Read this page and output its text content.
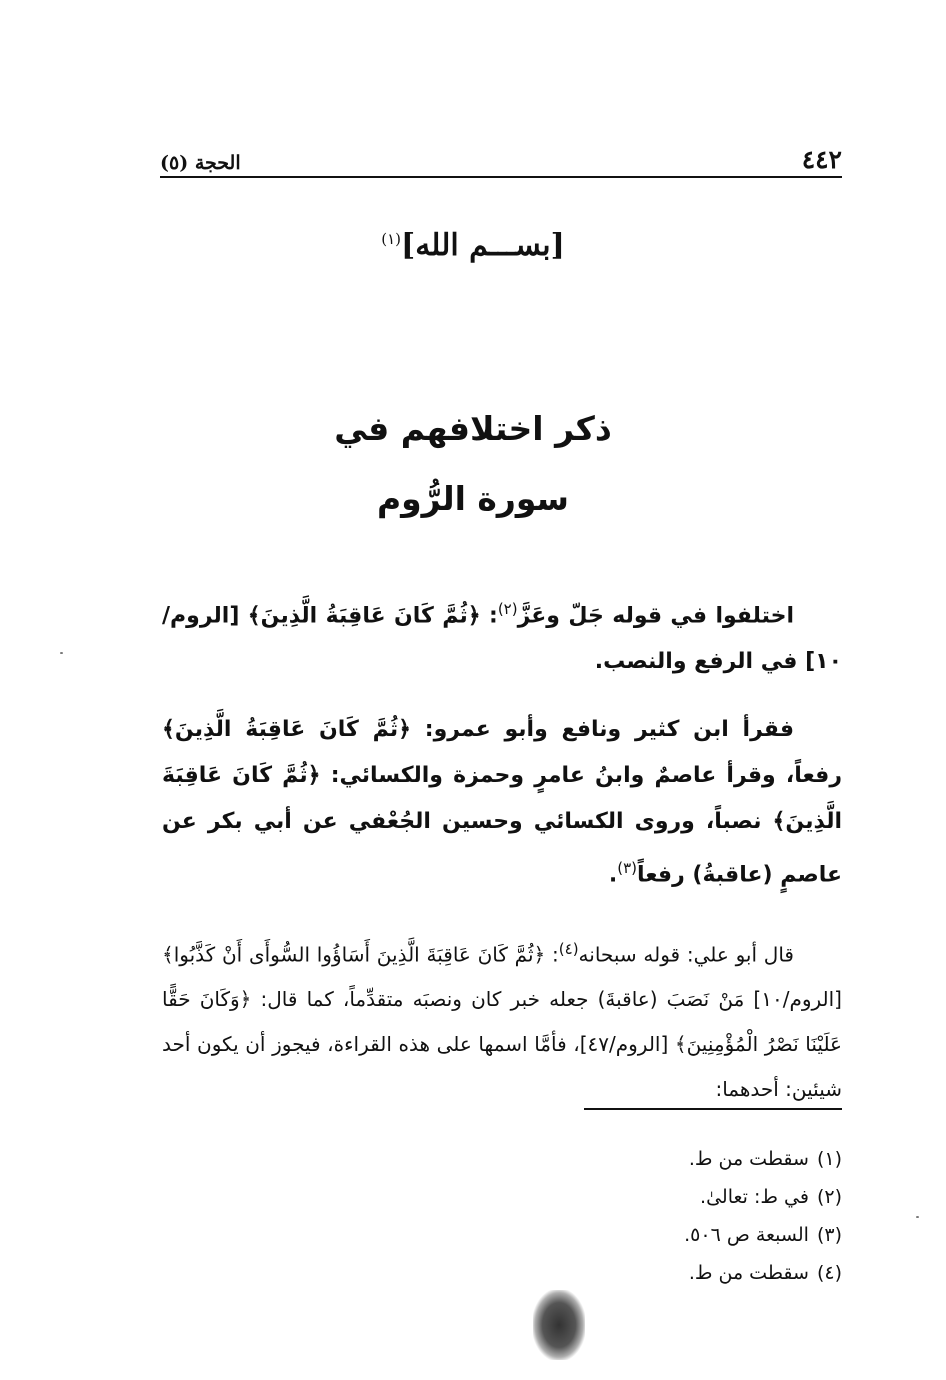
٤٤٢
الحجة (٥)
[بســـم الله]$^{(١)}$
ذكر اختلافهم في
سورة الرُّوم

اختلفوا في قوله جَلّ وعَزَّ$^{(٢)}$: ﴿ثُمَّ كَانَ عَاقِبَةُ الَّذِينَ﴾ [الروم/١٠] في الرفع والنصب.

فقرأ ابن كثير ونافع وأبو عمرو: ﴿ثُمَّ كَانَ عَاقِبَةُ الَّذِينَ﴾ رفعاً، وقرأ عاصمٌ وابنُ عامرٍ وحمزة والكسائي: ﴿ثُمَّ كَانَ عَاقِبَةَ الَّذِينَ﴾ نصباً، وروى الكسائي وحسين الجُعْفي عن أبي بكر عن عاصمٍ (عاقبةُ) رفعاً$^{(٣)}$.

قال أبو علي: قوله سبحانه$^{(٤)}$: ﴿ثُمَّ كَانَ عَاقِبَةَ الَّذِينَ أَسَاؤُوا السُّوأَى أَنْ كَذَّبُوا﴾ [الروم/١٠] مَنْ نَصَبَ (عاقبةَ) جعله خبر كان ونصبَه متقدِّماً، كما قال: ﴿وَكَانَ حَقًّا عَلَيْنَا نَصْرُ الْمُؤْمِنِينَ﴾ [الروم/٤٧]، فأمَّا اسمها على هذه القراءة، فيجوز أن يكون أحد شيئين: أحدهما:

(١)
سقطت من ط.
(٢)
في ط: تعالىٰ.
(٣)
السبعة ص ٥٠٦.
(٤)
سقطت من ط.
